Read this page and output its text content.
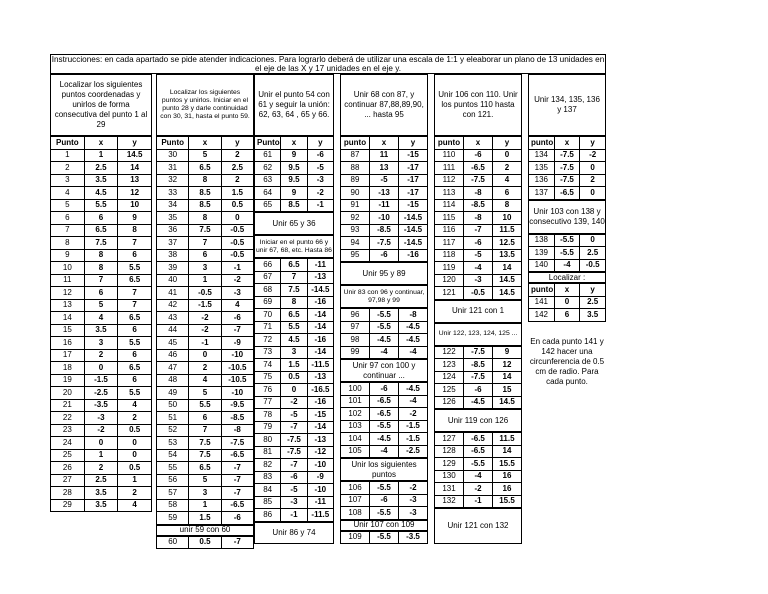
Instrucciones: en cada apartado se pide atender indicaciones. Para lograrlo deberá de utilizar una escala de 1:1 y eleaborar un plano de 13 unidades en el eje de las X y 17 unidades en el eje y.
Localizar los siguientes puntos coordenadas y unirlos de forma consecutiva del punto 1 al 29
Punto	x	y
1	1	14.5
2	2.5	14
3	3.5	13
4	4.5	12
5	5.5	10
6	6	9
7	6.5	8
8	7.5	7
9	8	6
10	8	5.5
11	7	6.5
12	6	7
13	5	7
14	4	6.5
15	3.5	6
16	3	5.5
17	2	6
18	0	6.5
19	-1.5	6
20	-2.5	5.5
21	-3.5	4
22	-3	2
23	-2	0.5
24	0	0
25	1	0
26	2	0.5
27	2.5	1
28	3.5	2
29	3.5	4
Localizar los siguientes puntos y unirlos. Iniciar en el punto 28 y darle continuidad con 30, 31, hasta el punto 59.
Punto	x	y
30	5	2
31	6.5	2.5
32	8	2
33	8.5	1.5
34	8.5	0.5
35	8	0
36	7.5	-0.5
37	7	-0.5
38	6	-0.5
39	3	-1
40	1	-2
41	-0.5	-3
42	-1.5	4
43	-2	-6
44	-2	-7
45	-1	-9
46	0	-10
47	2	-10.5
48	4	-10.5
49	5	-10
50	5.5	-9.5
51	6	-8.5
52	7	-8
53	7.5	-7.5
54	7.5	-6.5
55	6.5	-7
56	5	-7
57	3	-7
58	1	-6.5
59	1.5	-6
unir 59 con 60
60	0.5	-7
Unir el punto 54 con 61 y seguir la unión: 62, 63, 64 , 65 y 66.
Punto	x	y
61	9	-6
62	9.5	-5
63	9.5	-3
64	9	-2
65	8.5	-1
Unir 65 y 36
Iniciar en el punto 66 y unir 67, 68, etc. Hasta 86
66	6.5	-11
67	7	-13
68	7.5	-14.5
69	8	-16
70	6.5	-14
71	5.5	-14
72	4.5	-16
73	3	-14
74	1.5	-11.5
75	0.5	-13
76	0	-16.5
77	-2	-16
78	-5	-15
79	-7	-14
80	-7.5	-13
81	-7.5	-12
82	-7	-10
83	-6	-9
84	-5	-10
85	-3	-11
86	-1	-11.5
Unir 86 y 74
Unir 68 con 87, y continuar 87,88,89,90, ... hasta 95
punto	x	y
87	11	-15
88	13	-17
89	-5	-17
90	-13	-17
91	-11	-15
92	-10	-14.5
93	-8.5	-14.5
94	-7.5	-14.5
95	-6	-16
Unir 95 y 89
Unir 83 con 96 y continuar, 97,98 y 99
96	-5.5	-8
97	-5.5	-4.5
98	-4.5	-4.5
99	-4	-4
Unir 97 con 100 y continuar ...
100	-6	-4.5
101	-6.5	-4
102	-6.5	-2
103	-5.5	-1.5
104	-4.5	-1.5
105	-4	-2.5
Unir los siguientes puntos
106	-5.5	-2
107	-6	-3
108	-5.5	-3
Unir 107 con 109
109	-5.5	-3.5
Unir 106 con 110. Unir los puntos 110 hasta con 121.
punto	x	y
110	-6	0
111	-6.5	2
112	-7.5	4
113	-8	6
114	-8.5	8
115	-8	10
116	-7	11.5
117	-6	12.5
118	-5	13.5
119	-4	14
120	-3	14.5
121	-0.5	14.5
Unir 121 con 1
Unir 122, 123, 124, 125 ...
122	-7.5	9
123	-8.5	12
124	-7.5	14
125	-6	15
126	-4.5	14.5
Unir 119 con 126
127	-6.5	11.5
128	-6.5	14
129	-5.5	15.5
130	-4	16
131	-2	16
132	-1	15.5
Unir 121 con 132
Unir 134, 135, 136 y 137
punto	x	y
134	-7.5	-2
135	-7.5	0
136	-7.5	2
137	-6.5	0
Unir 103 con 138 y consecutivo 139, 140
138	-5.5	0
139	-5.5	2.5
140	-4	-0.5
Localizar :
punto	x	y
141	0	2.5
142	6	3.5
En cada punto 141 y 142 hacer una circunferencia de 0.5 cm de radio. Para cada punto.
